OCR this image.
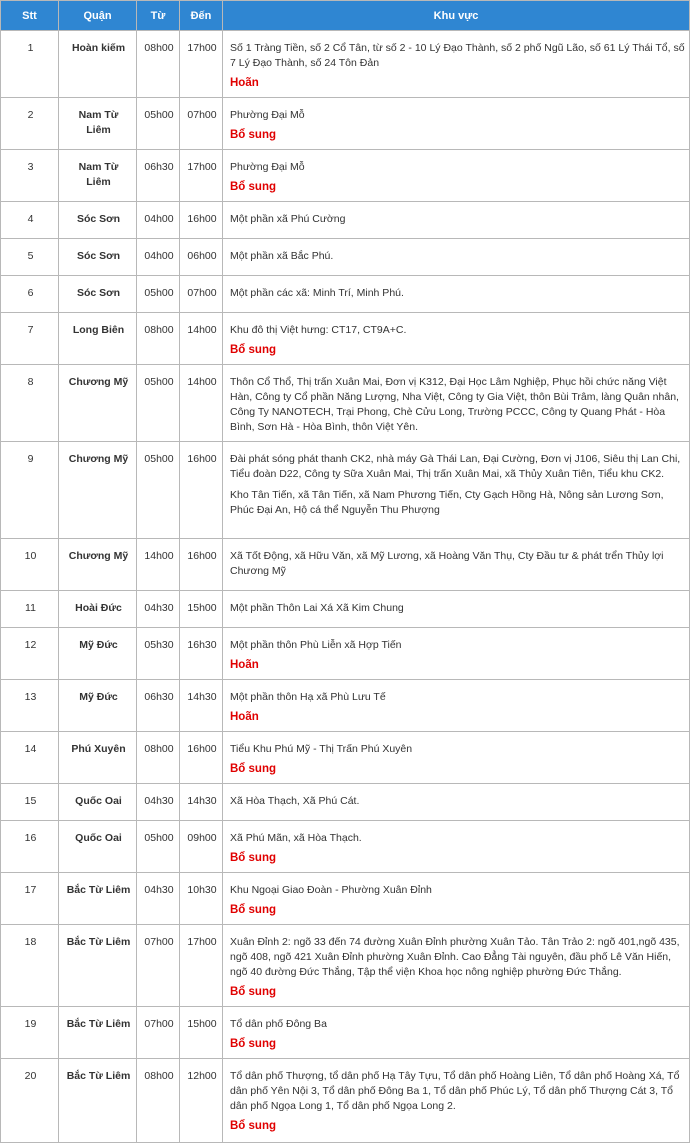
Stt	Quận	Từ	Đến	Khu vực
1	Hoàn kiếm	08h00	17h00	Số 1 Tràng Tiền, số 2 Cổ Tân, từ số 2 - 10 Lý Đạo Thành, số 2 phố Ngũ Lão, số 61 Lý Thái Tổ, số 7 Lý Đạo Thành, số 24 Tôn Đản
Hoãn

2	Nam Từ Liêm	05h00	07h00	Phường Đại Mỗ
Bổ sung

3	Nam Từ Liêm	06h30	17h00	Phường Đại Mỗ
Bổ sung

4	Sóc Sơn	04h00	16h00	Một phần xã Phú Cường

5	Sóc Sơn	04h00	06h00	Một phần xã Bắc Phú.

6	Sóc Sơn	05h00	07h00	Một phần các xã: Minh Trí, Minh Phú.

7	Long Biên	08h00	14h00	Khu đô thị Việt hưng: CT17, CT9A+C.
Bổ sung

8	Chương Mỹ	05h00	14h00	Thôn Cổ Thổ, Thị trấn Xuân Mai, Đơn vị K312, Đại Học Lâm Nghiệp, Phục hồi chức năng Việt Hàn, Công ty Cổ phần Năng Lượng, Nha Việt, Công ty Gia Việt, thôn Bùi Trâm, làng Quân nhân, Công Ty NANOTECH, Trại Phong, Chè Cửu Long, Trường PCCC, Công ty Quang Phát - Hòa Bình, Sơn Hà - Hòa Bình, thôn Việt Yên.

9	Chương Mỹ	05h00	16h00	Đài phát sóng phát thanh CK2, nhà máy Gà Thái Lan, Đại Cường, Đơn vị J106, Siêu thị Lan Chi, Tiểu đoàn D22, Công ty Sữa Xuân Mai, Thị trấn Xuân Mai, xã Thủy Xuân Tiên, Tiểu khu CK2.
Kho Tân Tiến, xã Tân Tiến, xã Nam Phương Tiến, Cty Gạch Hồng Hà, Nông sản Lương Sơn, Phúc Đại An, Hộ cá thể Nguyễn Thu Phượng

10	Chương Mỹ	14h00	16h00	Xã Tốt Động, xã Hữu Văn, xã Mỹ Lương, xã Hoàng Văn Thụ, Cty Đầu tư & phát trển Thủy lợi Chương Mỹ

11	Hoài Đức	04h30	15h00	Một phần Thôn Lai Xá Xã Kim Chung

12	Mỹ Đức	05h30	16h30	Một phần thôn Phù Liễn xã Hợp Tiến
Hoãn

13	Mỹ Đức	06h30	14h30	Một phần thôn Hạ xã Phù Lưu Tế
Hoãn

14	Phú Xuyên	08h00	16h00	Tiểu Khu Phú Mỹ - Thị Trấn Phú Xuyên
Bổ sung

15	Quốc Oai	04h30	14h30	Xã Hòa Thạch, Xã Phú Cát.

16	Quốc Oai	05h00	09h00	Xã Phú Mãn, xã Hòa Thạch.
Bổ sung

17	Bắc Từ Liêm	04h30	10h30	Khu Ngoại Giao Đoàn - Phường Xuân Đỉnh
Bổ sung

18	Bắc Từ Liêm	07h00	17h00	Xuân Đỉnh 2: ngõ 33 đến 74 đường Xuân Đỉnh phường Xuân Tảo. Tân Trảo 2: ngõ 401,ngõ 435, ngõ 408, ngõ 421 Xuân Đỉnh phường Xuân Đỉnh. Cao Đẳng Tài nguyên, đầu phố Lê Văn Hiến, ngõ 40 đường Đức Thắng, Tập thể viện Khoa học nông nghiệp phường Đức Thắng.
Bổ sung

19	Bắc Từ Liêm	07h00	15h00	Tổ dân phố Đông Ba
Bổ sung

20	Bắc Từ Liêm	08h00	12h00	Tổ dân phố Thượng, tổ dân phố Hạ Tây Tựu, Tổ dân phố Hoàng Liên, Tổ dân phố Hoàng Xá, Tổ dân phố Yên Nội 3, Tổ dân phố Đông Ba 1, Tổ dân phố Phúc Lý, Tổ dân phố Thượng Cát 3, Tổ dân phố Ngọa Long 1, Tổ dân phố Ngọa Long 2.
Bổ sung
